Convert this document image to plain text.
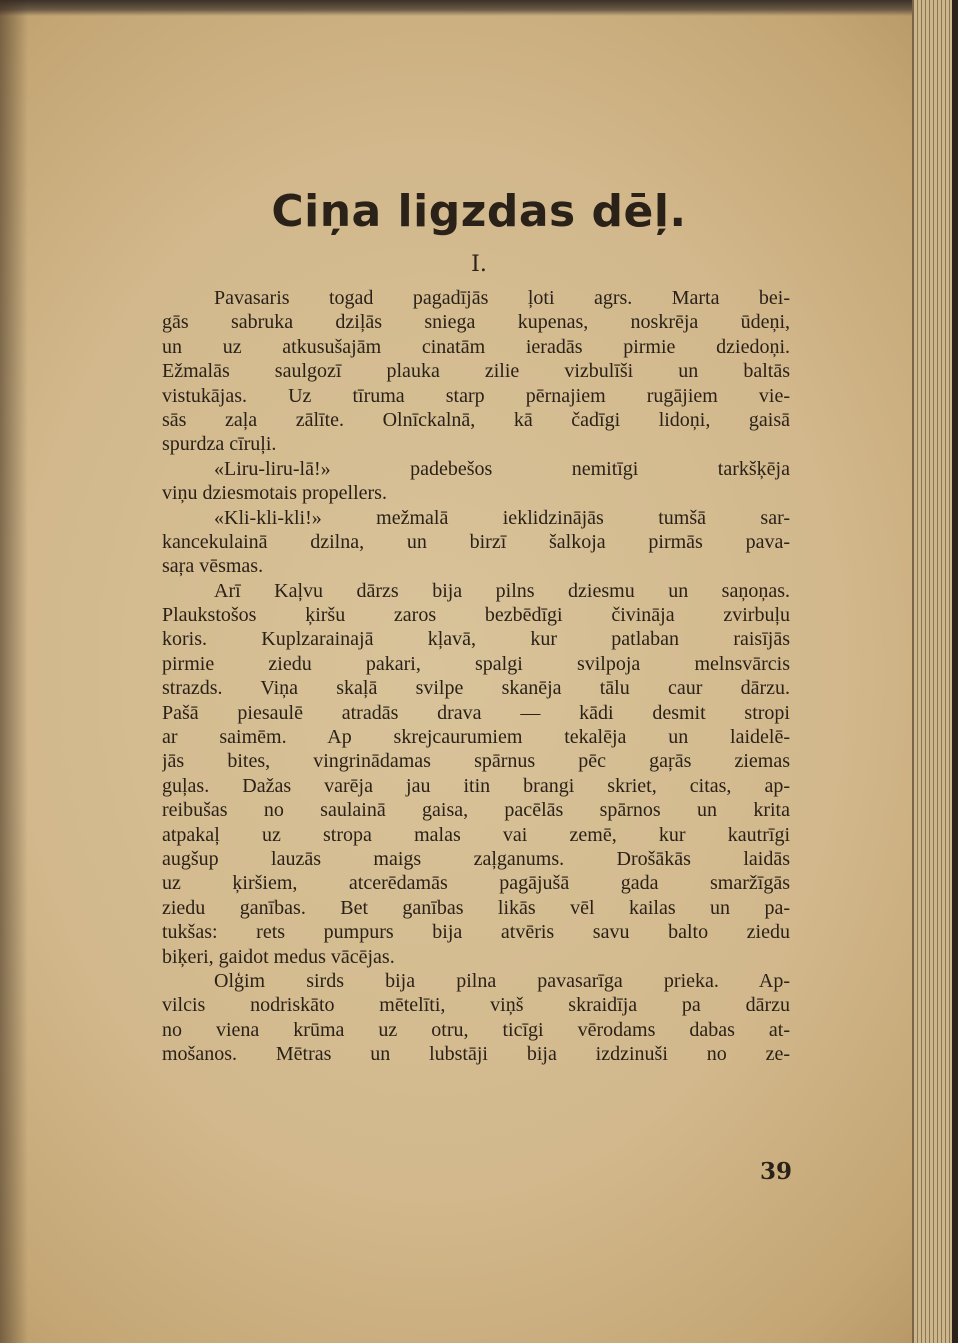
Ciņa ligzdas dēļ.
I.
Pavasaris togad pagadījās ļoti agrs. Marta bei-
gās sabruka dziļās sniega kupenas, noskrēja ūdeņi,
un uz atkusušajām cinatām ieradās pirmie dziedoņi.
Ežmalās saulgozī plauka zilie vizbulīši un baltās
vistukājas. Uz tīruma starp pērnajiem rugājiem vie-
sās zaļa zālīte. Olnīckalnā, kā čadīgi lidoņi, gaisā
spurdza cīruļi.
«Liru-liru-lā!» padebešos nemitīgi tarkšķēja
viņu dziesmotais propellers.
«Kli-kli-kli!» mežmalā ieklidzinājās tumšā sar-
kancekulainā dzilna, un birzī šalkoja pirmās pava-
saŗa vēsmas.
Arī Kaļvu dārzs bija pilns dziesmu un saņoņas.
Plaukstošos ķiršu zaros bezbēdīgi čivināja zvirbuļu
koris. Kuplzarainajā kļavā, kur patlaban raisījās
pirmie ziedu pakari, spalgi svilpoja melnsvārcis
strazds. Viņa skaļā svilpe skanēja tālu caur dārzu.
Pašā piesaulē atradās drava — kādi desmit stropi
ar saimēm. Ap skrejcaurumiem tekalēja un laidelē-
jās bites, vingrinādamas spārnus pēc gaŗās ziemas
guļas. Dažas varēja jau itin brangi skriet, citas, ap-
reibušas no saulainā gaisa, pacēlās spārnos un krita
atpakaļ uz stropa malas vai zemē, kur kautrīgi
augšup lauzās maigs zaļganums. Drošākās laidās
uz ķiršiem, atcerēdamās pagājušā gada smaržīgās
ziedu ganības. Bet ganības likās vēl kailas un pa-
tukšas: rets pumpurs bija atvēris savu balto ziedu
biķeri, gaidot medus vācējas.
Olģim sirds bija pilna pavasarīga prieka. Ap-
vilcis nodriskāto mētelīti, viņš skraidīja pa dārzu
no viena krūma uz otru, ticīgi vērodams dabas at-
mošanos. Mētras un lubstāji bija izdzinuši no ze-
39
